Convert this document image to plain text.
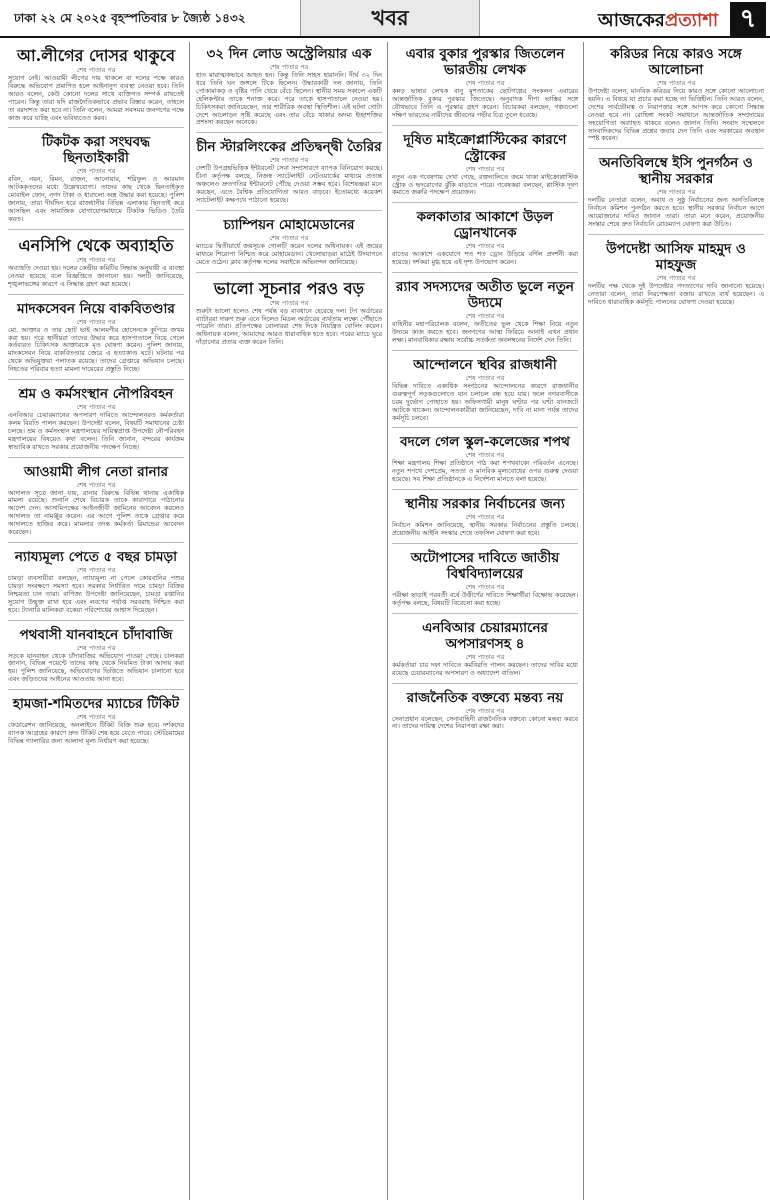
ঢাকা ২২ মে ২০২৫ বৃহস্পতিবার ৮ জ্যৈষ্ঠ ১৪৩২	খবর	আজকেরপ্রত্যাশা ৭
আ.লীগের দোসর থাকুবে
শেষ পাতার পর

সুযোগ নেই। আওয়ামী লীগের দায় থাকলে বা দলের পক্ষে কারও বিরুদ্ধে অভিযোগ প্রমাণিত হলে আইনানুগ ব্যবস্থা নেওয়া হবে। তিনি আরও বলেন, কেউ কোনো দলের সাথে ব্যক্তিগত সম্পর্ক রাখতেই পারেন। কিন্তু তারা যদি রাজনৈতিকভাবে প্রভাব বিস্তার করেন, তাহলে তা বরদাশত করা হবে না। তিনি বলেন, আমরা সবসময় জনগণের পক্ষে কাজ করে যাচ্ছি এবং ভবিষ্যতেও করব।

টিকটক করা সংঘবদ্ধ ছিনতাইকারী
শেষ পাতার পর

রবিন, নয়ন, রিমন, রাজন, আনোয়ার, শরিফুল ও আরমান আটককৃতদের মধ্যে উল্লেখযোগ্য। তাদের কাছ থেকে ছিনতাইকৃত মোবাইল ফোন, নগদ টাকা ও ধারালো অস্ত্র উদ্ধার করা হয়েছে। পুলিশ জানায়, তারা দীর্ঘদিন ধরে রাজধানীর বিভিন্ন এলাকায় ছিনতাই করে আসছিল এবং সামাজিক যোগাযোগমাধ্যমে টিকটক ভিডিও তৈরি করত।

এনসিপি থেকে অব্যাহতি
শেষ পাতার পর

অব্যাহতি দেওয়া হয়। দলের কেন্দ্রীয় কমিটির সিদ্ধান্ত অনুযায়ী এ ব্যবস্থা নেওয়া হয়েছে বলে বিজ্ঞপ্তিতে জানানো হয়। দলটি জানিয়েছে, শৃঙ্খলাভঙ্গের কারণে এ সিদ্ধান্ত গ্রহণ করা হয়েছে।

মাদকসেবন নিয়ে বাকবিতণ্ডার
শেষ পাতার পর

মো. আক্তার ও তার ছোট ভাই আলমগীর হোসেনকে কুপিয়ে জখম করা হয়। পরে স্থানীয়রা তাদের উদ্ধার করে হাসপাতালে নিয়ে গেলে কর্তব্যরত চিকিৎসক আক্তারকে মৃত ঘোষণা করেন। পুলিশ জানায়, মাদকসেবন নিয়ে বাকবিতণ্ডার জেরে এ হত্যাকাণ্ড ঘটে। ঘটনার পর থেকে অভিযুক্তরা পলাতক রয়েছে। তাদের গ্রেপ্তারে অভিযান চলছে। নিহতের পরিবার হত্যা মামলা দায়েরের প্রস্তুতি নিচ্ছে।

শ্রম ও কর্মসংস্থান নৌপরিবহন
শেষ পাতার পর

এনবিআর চেয়ারম্যানের অপসারণ দাবিতে আন্দোলনরত কর্মকর্তারা কলম বিরতি পালন করছেন। উপদেষ্টা বলেন, বিষয়টি সমাধানের চেষ্টা চলছে। শ্রম ও কর্মসংস্থান মন্ত্রণালয়ের দায়িত্বপ্রাপ্ত উপদেষ্টা নৌপরিবহন মন্ত্রণালয়ের বিষয়েও কথা বলেন। তিনি জানান, বন্দরের কার্যক্রম স্বাভাবিক রাখতে সরকার প্রয়োজনীয় পদক্ষেপ নিচ্ছে।

আওয়ামী লীগ নেতা রানার
শেষ পাতার পর

আদালত সূত্রে জানা যায়, রানার বিরুদ্ধে বিভিন্ন থানায় একাধিক মামলা রয়েছে। শুনানি শেষে বিচারক তাকে কারাগারে পাঠানোর আদেশ দেন। আসামিপক্ষের আইনজীবী জামিনের আবেদন করলেও আদালত তা নামঞ্জুর করেন। এর আগে পুলিশ তাকে গ্রেপ্তার করে আদালতে হাজির করে। মামলার তদন্ত কর্মকর্তা রিমান্ডের আবেদন করেছেন।

ন্যায্যমূল্য পেতে ৫ বছর চামড়া
শেষ পাতার পর

চামড়া ব্যবসায়ীরা বলছেন, ন্যায্যমূল্য না পেলে কোরবানির পশুর চামড়া সংরক্ষণে সমস্যা হবে। সরকার নির্ধারিত দামে চামড়া বিক্রির নিশ্চয়তা চান তারা। বাণিজ্য উপদেষ্টা জানিয়েছেন, চামড়া রপ্তানির সুযোগ উন্মুক্ত রাখা হবে এবং লবণের পর্যাপ্ত সরবরাহ নিশ্চিত করা হবে। ট্যানারি মালিকরা বকেয়া পরিশোধের আশ্বাস দিয়েছেন।

পথবাসী যানবাহনে চাঁদাবাজি
শেষ পাতার পর

সড়কে যানবাহন থেকে চাঁদাবাজির অভিযোগ পাওয়া গেছে। চালকরা জানান, বিভিন্ন পয়েন্টে তাদের কাছ থেকে নিয়মিত টাকা আদায় করা হয়। পুলিশ জানিয়েছে, অভিযোগের ভিত্তিতে অভিযান চালানো হবে এবং জড়িতদের আইনের আওতায় আনা হবে।

হামজা-শমিতদের ম্যাচের টিকিট
শেষ পাতার পর

ফেডারেশন জানিয়েছে, অনলাইনে টিকিট বিক্রি শুরু হবে। দর্শকদের ব্যাপক আগ্রহের কারণে দ্রুত টিকিট শেষ হয়ে যেতে পারে। স্টেডিয়ামের বিভিন্ন গ্যালারির জন্য আলাদা মূল্য নির্ধারণ করা হয়েছে।

৩২ দিন লোড অস্ট্রেলিয়ার এক
শেষ পাতার পর

হাত মারাত্মকভাবে আহত হন। কিন্তু তিনি সাহস হারাননি। দীর্ঘ ৩২ দিন ধরে তিনি ঘন জঙ্গলে টিকে ছিলেন। উদ্ধারকারী দল জানায়, তিনি পোকামাকড় ও বৃষ্টির পানি খেয়ে বেঁচে ছিলেন। স্থানীয় সময় সকালে একটি হেলিকপ্টার তাকে শনাক্ত করে। পরে তাকে হাসপাতালে নেওয়া হয়। চিকিৎসকরা জানিয়েছেন, তার শারীরিক অবস্থা স্থিতিশীল। এই ঘটনা গোটা দেশে আলোড়ন সৃষ্টি করেছে এবং তার বেঁচে থাকার অদম্য ইচ্ছাশক্তির প্রশংসা করছেন অনেকে।

চীন স্টারলিংকের প্রতিদ্বন্দ্বী তৈরির
শেষ পাতার পর

দেশটি উপগ্রহভিত্তিক ইন্টারনেট সেবা সম্প্রসারণে ব্যাপক বিনিয়োগ করছে। চীনা কর্তৃপক্ষ বলছে, নিজস্ব স্যাটেলাইট নেটওয়ার্কের মাধ্যমে প্রত্যন্ত অঞ্চলেও দ্রুতগতির ইন্টারনেট পৌঁছে দেওয়া সম্ভব হবে। বিশেষজ্ঞরা মনে করছেন, এতে বৈশ্বিক প্রতিযোগিতা আরও বাড়বে। ইতোমধ্যে কয়েকশ স্যাটেলাইট কক্ষপথে পাঠানো হয়েছে।

চ্যাম্পিয়ন মোহামেডানের
শেষ পাতার পর

ম্যাচের দ্বিতীয়ার্ধে জয়সূচক গোলটি করেন দলের অধিনায়ক। এই জয়ের মাধ্যমে শিরোপা নিশ্চিত করে মোহামেডান। খেলোয়াড়রা মাঠেই উদযাপনে মেতে ওঠেন। ক্লাব কর্তৃপক্ষ দলের সবাইকে অভিনন্দন জানিয়েছে।

ভালো সূচনার পরও বড়
শেষ পাতার পর

শুরুটা ভালো হলেও শেষ পর্যন্ত বড় ব্যবধানে হেরেছে দল। টপ অর্ডারের ব্যাটাররা দারুণ শুরু এনে দিলেও মিডল অর্ডারের ব্যর্থতায় লক্ষ্যে পৌঁছাতে পারেনি তারা। প্রতিপক্ষের বোলাররা শেষ দিকে নিয়ন্ত্রিত বোলিং করেন। অধিনায়ক বলেন, আমাদের আরও ধারাবাহিক হতে হবে। পরের ম্যাচে ঘুরে দাঁড়ানোর প্রত্যয় ব্যক্ত করেন তিনি।

এবার বুকার পুরস্কার জিতলেন ভারতীয় লেখক
শেষ পাতার পর

কন্নড় ভাষার লেখক বানু মুশতাকের ছোটগল্পের সংকলন এবারের আন্তর্জাতিক বুকার পুরস্কার জিতেছে। অনুবাদক দীপা ভাস্তির সঙ্গে যৌথভাবে তিনি এ পুরস্কার গ্রহণ করেন। বিচারকরা বলছেন, গল্পগুলো দক্ষিণ ভারতের নারীদের জীবনের গভীর চিত্র তুলে ধরেছে।

দূষিত মাইক্রোপ্লাস্টিকের কারণে স্ট্রোকের
শেষ পাতার পর

নতুন এক গবেষণায় দেখা গেছে, রক্তনালিতে জমে থাকা মাইক্রোপ্লাস্টিক স্ট্রোক ও হৃদরোগের ঝুঁকি বাড়াতে পারে। গবেষকরা বলছেন, প্লাস্টিক দূষণ কমাতে জরুরি পদক্ষেপ প্রয়োজন।

কলকাতার আকাশে উড়ল ড্রোনখানেক
শেষ পাতার পর

রাতের আকাশে একযোগে শত শত ড্রোন উড়িয়ে বর্ণিল প্রদর্শনী করা হয়েছে। দর্শকরা মুগ্ধ হয়ে এই দৃশ্য উপভোগ করেন।

র‍্যাব সদস্যদের অতীত ভুলে নতুন উদ্যমে
শেষ পাতার পর

বাহিনীর মহাপরিচালক বলেন, অতীতের ভুল থেকে শিক্ষা নিয়ে নতুন উদ্যমে কাজ করতে হবে। জনগণের আস্থা ফিরিয়ে আনাই এখন প্রধান লক্ষ্য। মানবাধিকার রক্ষায় সর্বোচ্চ সতর্কতা অবলম্বনের নির্দেশ দেন তিনি।

আন্দোলনে স্থবির রাজধানী
শেষ পাতার পর

বিভিন্ন দাবিতে একাধিক সংগঠনের আন্দোলনের কারণে রাজধানীর গুরুত্বপূর্ণ সড়কগুলোতে যান চলাচল বন্ধ হয়ে যায়। ফলে নগরবাসীকে চরম দুর্ভোগ পোহাতে হয়। অফিসগামী মানুষ ঘণ্টার পর ঘণ্টা যানজটে আটকে থাকেন। আন্দোলনকারীরা জানিয়েছেন, দাবি না মানা পর্যন্ত তাদের কর্মসূচি চলবে।

বদলে গেল স্কুল-কলেজের শপথ
শেষ পাতার পর

শিক্ষা মন্ত্রণালয় শিক্ষা প্রতিষ্ঠানে পাঠ করা শপথবাক্যে পরিবর্তন এনেছে। নতুন শপথে দেশপ্রেম, সততা ও মানবিক মূল্যবোধের ওপর গুরুত্ব দেওয়া হয়েছে। সব শিক্ষা প্রতিষ্ঠানকে এ নির্দেশনা মানতে বলা হয়েছে।

স্থানীয় সরকার নির্বাচনের জন্য
শেষ পাতার পর

নির্বাচন কমিশন জানিয়েছে, স্থানীয় সরকার নির্বাচনের প্রস্তুতি চলছে। প্রয়োজনীয় আইনি সংস্কার শেষে তফসিল ঘোষণা করা হবে।

অটোপাসের দাবিতে জাতীয় বিশ্ববিদ্যালয়ের
শেষ পাতার পর

পরীক্ষা ছাড়াই পরবর্তী বর্ষে উত্তীর্ণের দাবিতে শিক্ষার্থীরা বিক্ষোভ করেছেন। কর্তৃপক্ষ বলছে, বিষয়টি বিবেচনা করা হচ্ছে।

এনবিআর চেয়ারম্যানের অপসারণসহ ৪
শেষ পাতার পর

কর্মকর্তারা চার দফা দাবিতে কর্মবিরতি পালন করছেন। তাদের দাবির মধ্যে রয়েছে চেয়ারম্যানের অপসারণ ও অধ্যাদেশ বাতিল।

রাজনৈতিক বক্তব্যে মন্তব্য নয়
শেষ পাতার পর

সেনাপ্রধান বলেছেন, সেনাবাহিনী রাজনৈতিক বক্তব্যে কোনো মন্তব্য করবে না। তাদের দায়িত্ব দেশের নিরাপত্তা রক্ষা করা।

করিডর নিয়ে কারও সঙ্গে আলোচনা
শেষ পাতার পর

উপদেষ্টা বলেন, মানবিক করিডর নিয়ে কারও সঙ্গে কোনো আলোচনা হয়নি। এ বিষয়ে যা প্রচার করা হচ্ছে তা ভিত্তিহীন। তিনি আরও বলেন, দেশের সার্বভৌমত্ব ও নিরাপত্তার সঙ্গে আপস করে কোনো সিদ্ধান্ত নেওয়া হবে না। রোহিঙ্গা সংকট সমাধানে আন্তর্জাতিক সম্প্রদায়ের সহযোগিতা অব্যাহত থাকবে বলেও জানান তিনি। সংবাদ সম্মেলনে সাংবাদিকদের বিভিন্ন প্রশ্নের জবাব দেন তিনি এবং সরকারের অবস্থান স্পষ্ট করেন।

অনতিবিলম্বে ইসি পুনর্গঠন ও স্থানীয় সরকার
শেষ পাতার পর

দলটির নেতারা বলেন, অবাধ ও সুষ্ঠু নির্বাচনের জন্য অনতিবিলম্বে নির্বাচন কমিশন পুনর্গঠন করতে হবে। স্থানীয় সরকার নির্বাচন আগে আয়োজনের দাবিও জানান তারা। তারা মনে করেন, প্রয়োজনীয় সংস্কার শেষে দ্রুত নির্বাচনি রোডম্যাপ ঘোষণা করা উচিত।

উপদেষ্টা আসিফ মাহমুদ ও মাহফুজ
শেষ পাতার পর

দলটির পক্ষ থেকে দুই উপদেষ্টার পদত্যাগের দাবি জানানো হয়েছে। নেতারা বলেন, তারা নিরপেক্ষতা বজায় রাখতে ব্যর্থ হয়েছেন। এ দাবিতে ধারাবাহিক কর্মসূচি পালনের ঘোষণা দেওয়া হয়েছে।
